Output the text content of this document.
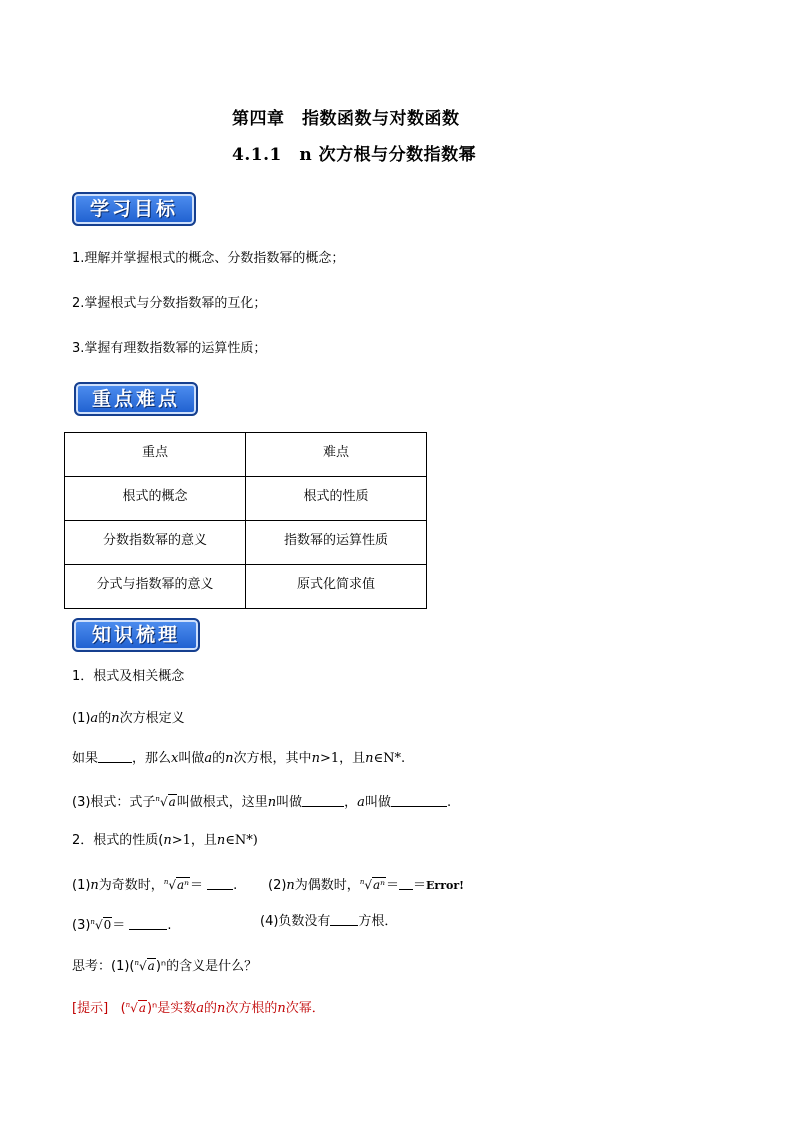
第四章　指数函数与对数函数
4.1.1　n 次方根与分数指数幂
学习目标
1.理解并掌握根式的概念、分数指数幂的概念；
2.掌握根式与分数指数幂的互化；
3.掌握有理数指数幂的运算性质；
重点难点
重点	难点
根式的概念	根式的性质
分数指数幂的意义	指数幂的运算性质
分式与指数幂的意义	原式化简求值
知识梳理
1．根式及相关概念
(1)a的n次方根定义
如果	，那么x叫做a的n次方根，其中n>1，且n∈N*.
(3)根式：式子$^n$√a叫做根式，这里n叫做	，a叫做	.
2．根式的性质(n>1，且n∈N*)
(1)n为奇数时，$^n$√aⁿ＝ . (2)n为偶数时，$^n$√aⁿ＝ ＝Error!
$(3)^n√0=$	.	(4)负数没有 方根．
思考：(1)($^n$√a)ⁿ的含义是什么？
[提示] ($^n$√a)ⁿ是实数a的n次方根的n次幂．
